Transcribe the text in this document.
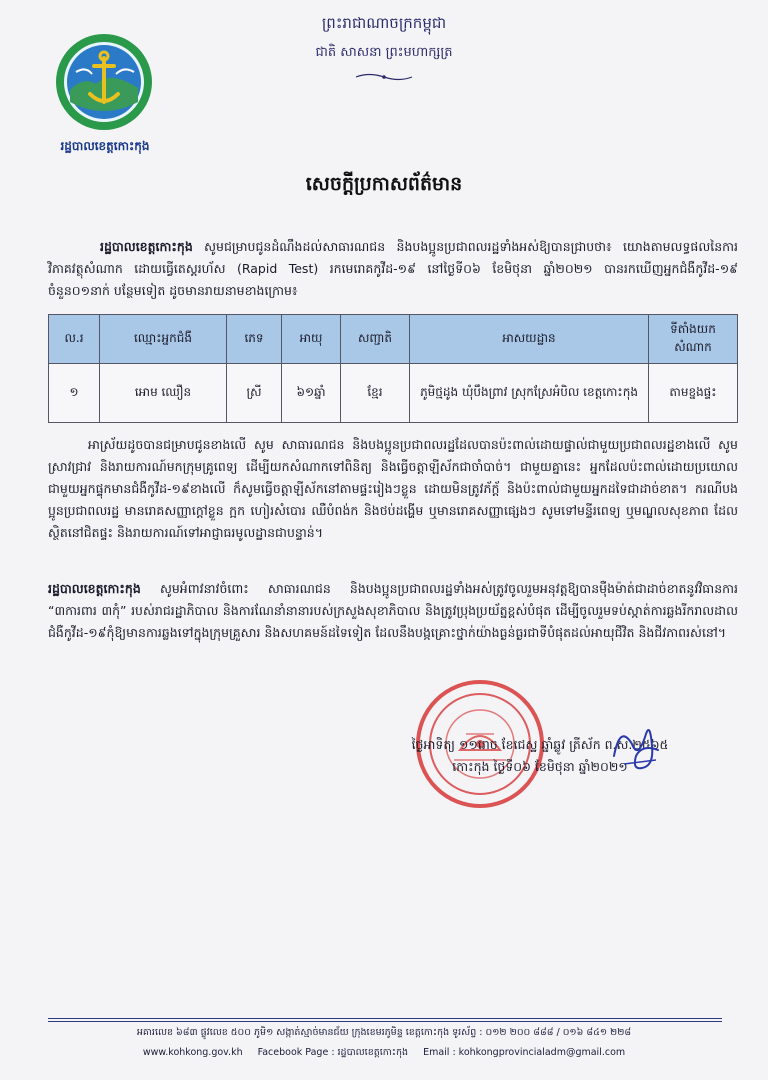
ព្រះរាជាណាចក្រកម្ពុជា
ជាតិ សាសនា ព្រះមហាក្សត្រ
រដ្ឋបាលខេត្តកោះកុង
សេចក្ដីប្រកាសព័ត៌មាន
រដ្ឋបាលខេត្តកោះកុង សូមជម្រាបជូនដំណឹងដល់សាធារណជន និងបងប្អូនប្រជាពលរដ្ឋទាំងអស់ឱ្យបានជ្រាបថា៖ យោងតាមលទ្ធផលនៃការវិភាគវត្ថុសំណាក ដោយធ្វើតេស្តរហ័ស (Rapid Test) រកមេរោគកូវីដ-១៩ នៅថ្ងៃទី០៦ ខែមិថុនា ឆ្នាំ២០២១ បានរកឃើញអ្នកជំងឺកូវីដ-១៩ ចំនួន០១នាក់ បន្ថែមទៀត ដូចមានរាយនាមខាងក្រោម៖
ល.រ	ឈ្មោះអ្នកជំងឺ	ភេទ	អាយុ	សញ្ជាតិ	អាសយដ្ឋាន	ទីតាំងយកសំណាក
១	អោម ឈឿន	ស្រី	៦១ឆ្នាំ	ខ្មែរ	ភូមិថ្មដូង ឃុំបឹងព្រាវ ស្រុកស្រែអំបិល ខេត្តកោះកុង	តាមខ្នងផ្ទះ
អាស្រ័យដូចបានជម្រាបជូនខាងលើ សូម សាធារណជន និងបងប្អូនប្រជាពលរដ្ឋដែលបានប៉ះពាល់ដោយផ្ទាល់ជាមួយប្រជាពលរដ្ឋខាងលើ សូមស្រាវជ្រាវ និងរាយការណ៍មកក្រុមគ្រូពេទ្យ ដើម្បីយកសំណាកទៅពិនិត្យ និងធ្វើចត្តាឡីស័កជាចាំបាច់។ ជាមួយគ្នានេះ អ្នកដែលប៉ះពាល់ដោយប្រយោលជាមួយអ្នកផ្ទុកមានជំងឺកូវីដ-១៩ខាងលើ ក៏សូមធ្វើចត្តាឡីស័កនៅតាមផ្ទះរៀងៗខ្លួន ដោយមិនត្រូវភ័ក្ដ័ និងប៉ះពាល់ជាមួយអ្នកដទៃជាដាច់ខាត។ ករណីបងប្អូនប្រជាពលរដ្ឋ មានរោគសញ្ញាក្ដៅខ្លួន ក្អក ហៀរសំបោរ ឈឺបំពង់ក និងថប់ដង្ហើម ឬមានរោគសញ្ញាផ្សេងៗ សូមទៅមន្ទីរពេទ្យ ឬមណ្ឌលសុខភាព ដែលស្ថិតនៅជិតផ្ទះ និងរាយការណ៍ទៅអាជ្ញាធរមូលដ្ឋានជាបន្ទាន់។
រដ្ឋបាលខេត្តកោះកុង សូមអំពាវនាវចំពោះ សាធារណជន និងបងប្អូនប្រជាពលរដ្ឋទាំងអស់ត្រូវចូលរួមអនុវត្តឱ្យបានម៉ឺងម៉ាត់ជាដាច់ខាតនូវវិធានការ “៣ការពារ ៣កុំ” របស់រាជរដ្ឋាភិបាល និងការណែនាំនានារបស់ក្រសួងសុខាភិបាល និងត្រូវប្រុងប្រយ័ត្នខ្ពស់បំផុត ដើម្បីចូលរួមទប់ស្កាត់ការឆ្លងរីករាលដាលជំងឺកូវីដ-១៩កុំឱ្យមានការឆ្លងទៅក្នុងក្រុមគ្រួសារ និងសហគមន៍ដទៃទៀត ដែលនឹងបង្កគ្រោះថ្នាក់យ៉ាងធ្ងន់ធ្ងរជាទីបំផុតដល់អាយុជីវិត និងជីវភាពរស់នៅ។
ថ្ងៃអាទិត្យ ១១រោច ខែជេស្ឋ ឆ្នាំឆ្លូវ ត្រីស័ក ព.ស.២៥៦៥
កោះកុង ថ្ងៃទី០៦ ខែមិថុនា ឆ្នាំ២០២១
អគារលេខ ៦៨៣ ផ្លូវលេខ ៥០០ ភូមិ១ សង្កាត់ស្មាច់មានជ័យ ក្រុងខេមរភូមិន្ទ ខេត្តកោះកុង ទូរស័ព្ទ : ០១២ ២០០ ៨៨៨ / ០១៦ ៨៤១ ២២៨
www.kohkong.gov.kh Facebook Page : រដ្ឋបាលខេត្តកោះកុង Email : kohkongprovincialadm@gmail.com
